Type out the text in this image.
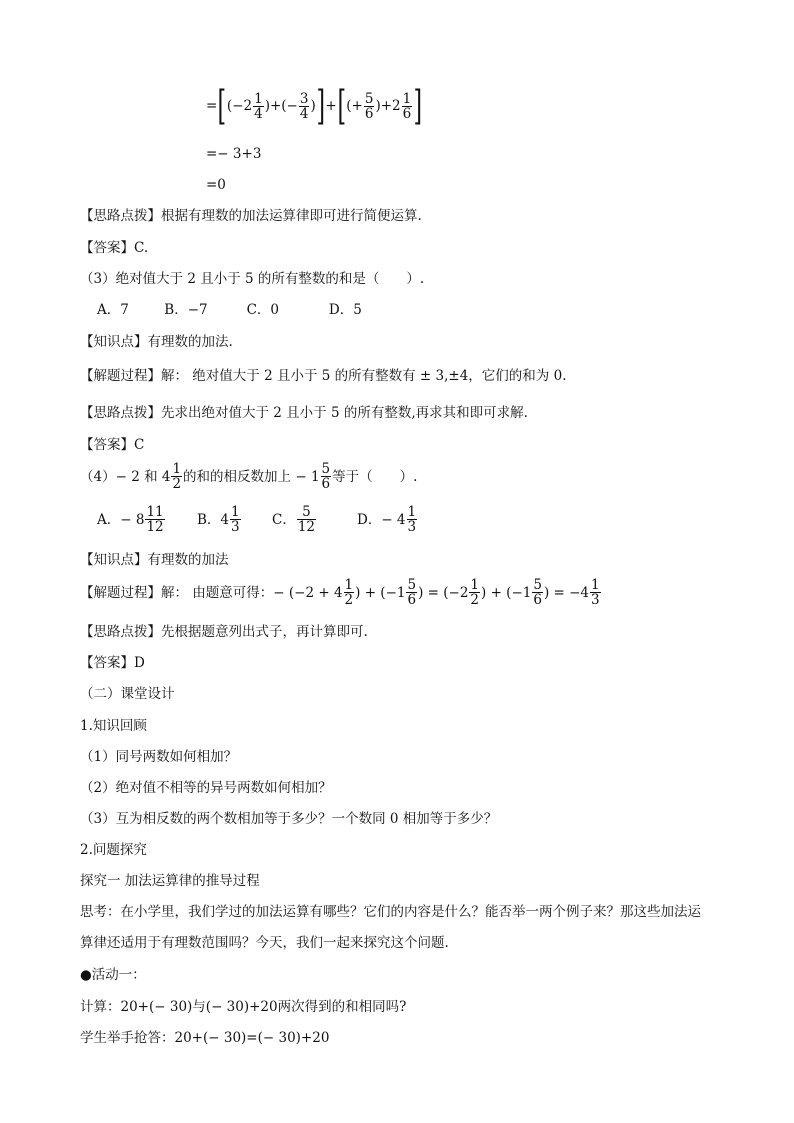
= [ ($-2 \frac{1}{4}$ )+(− $\frac{3}{4}$ ) ] + [ (+ $\frac{5}{6} )+2 \frac{1}{6}$ ]
=− 3+3
=0
【思路点拨】根据有理数的加法运算律即可进行简便运算.
【答案】C.
（3）绝对值大于 2 且小于 5 的所有整数的和是（　　）.
A．7	B．−7	C．0	D．5
【知识点】有理数的加法.
【解题过程】解： 绝对值大于 2 且小于 5 的所有整数有 ± 3,±4，它们的和为 0.
【思路点拨】先求出绝对值大于 2 且小于 5 的所有整数,再求其和即可求解.
【答案】C
（4）− 2 和 $4 \frac{1}{2}$ 的和的相反数加上 − $1 \frac{5}{6}$ 等于（　　）.
A．− $8 \frac{11}{12}$ B．$4 \frac{1}{3}$ C． $\frac{5}{12}$	D．− $4 \frac{1}{3}$
【知识点】有理数的加法
【解题过程】解： 由题意可得：− ($-2 + 4 \frac{1}{2}$ ) + ($-1 \frac{5}{6}$ ) = ($-2 \frac{1}{2}$ ) + ($-1 \frac{5}{6}$ ) = $-4 \frac{1}{3}$
【思路点拨】先根据题意列出式子，再计算即可.
【答案】D
（二）课堂设计
1.知识回顾
（1）同号两数如何相加？
（2）绝对值不相等的异号两数如何相加？
（3）互为相反数的两个数相加等于多少？一个数同 0 相加等于多少？
2.问题探究
探究一 加法运算律的推导过程
思考：在小学里，我们学过的加法运算有哪些？它们的内容是什么？能否举一两个例子来？那这些加法运
算律还适用于有理数范围吗？今天，我们一起来探究这个问题.
●活动一：
计算：20+(− 30)与(− 30)+20两次得到的和相同吗?
学生举手抢答：20+(− 30)=(− 30)+20
